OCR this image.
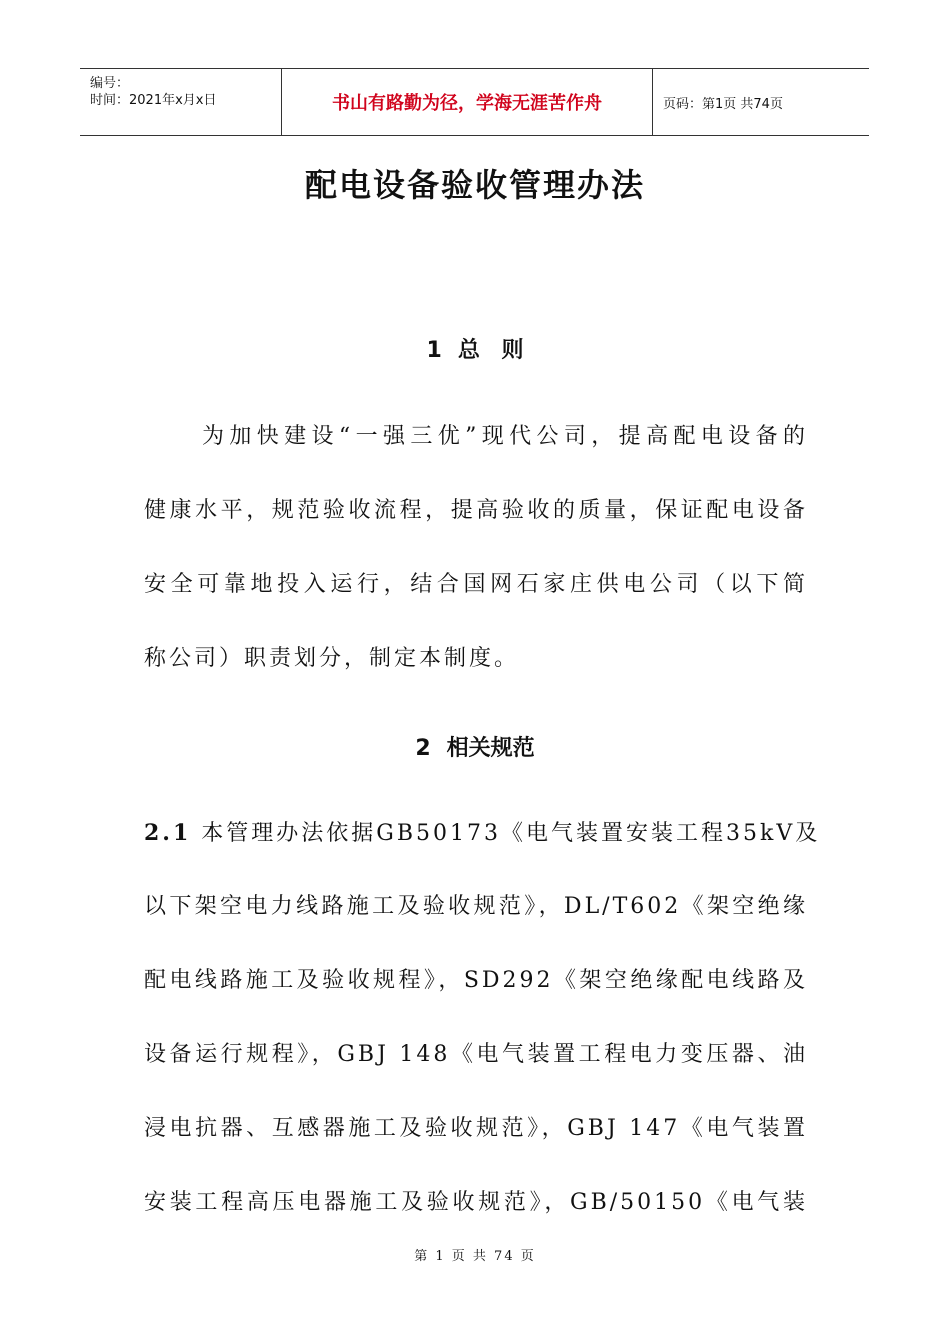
编号：
时间：2021年x月x日	书山有路勤为径，学海无涯苦作舟	页码：第1页 共74页
配电设备验收管理办法
1 总 则
为加快建设“一强三优”现代公司，提高配电设备的
健康水平，规范验收流程，提高验收的质量，保证配电设备
安全可靠地投入运行，结合国网石家庄供电公司（以下简
称公司）职责划分，制定本制度。
2 相关规范
2.1 本管理办法依据GB50173《电气装置安装工程35kV及
以下架空电力线路施工及验收规范》，DL/T602《架空绝缘
配电线路施工及验收规程》，SD292《架空绝缘配电线路及
设备运行规程》，GBJ 148《电气装置工程电力变压器、油
浸电抗器、互感器施工及验收规范》，GBJ 147《电气装置
安装工程高压电器施工及验收规范》，GB/50150《电气装
第 1 页 共 74 页
